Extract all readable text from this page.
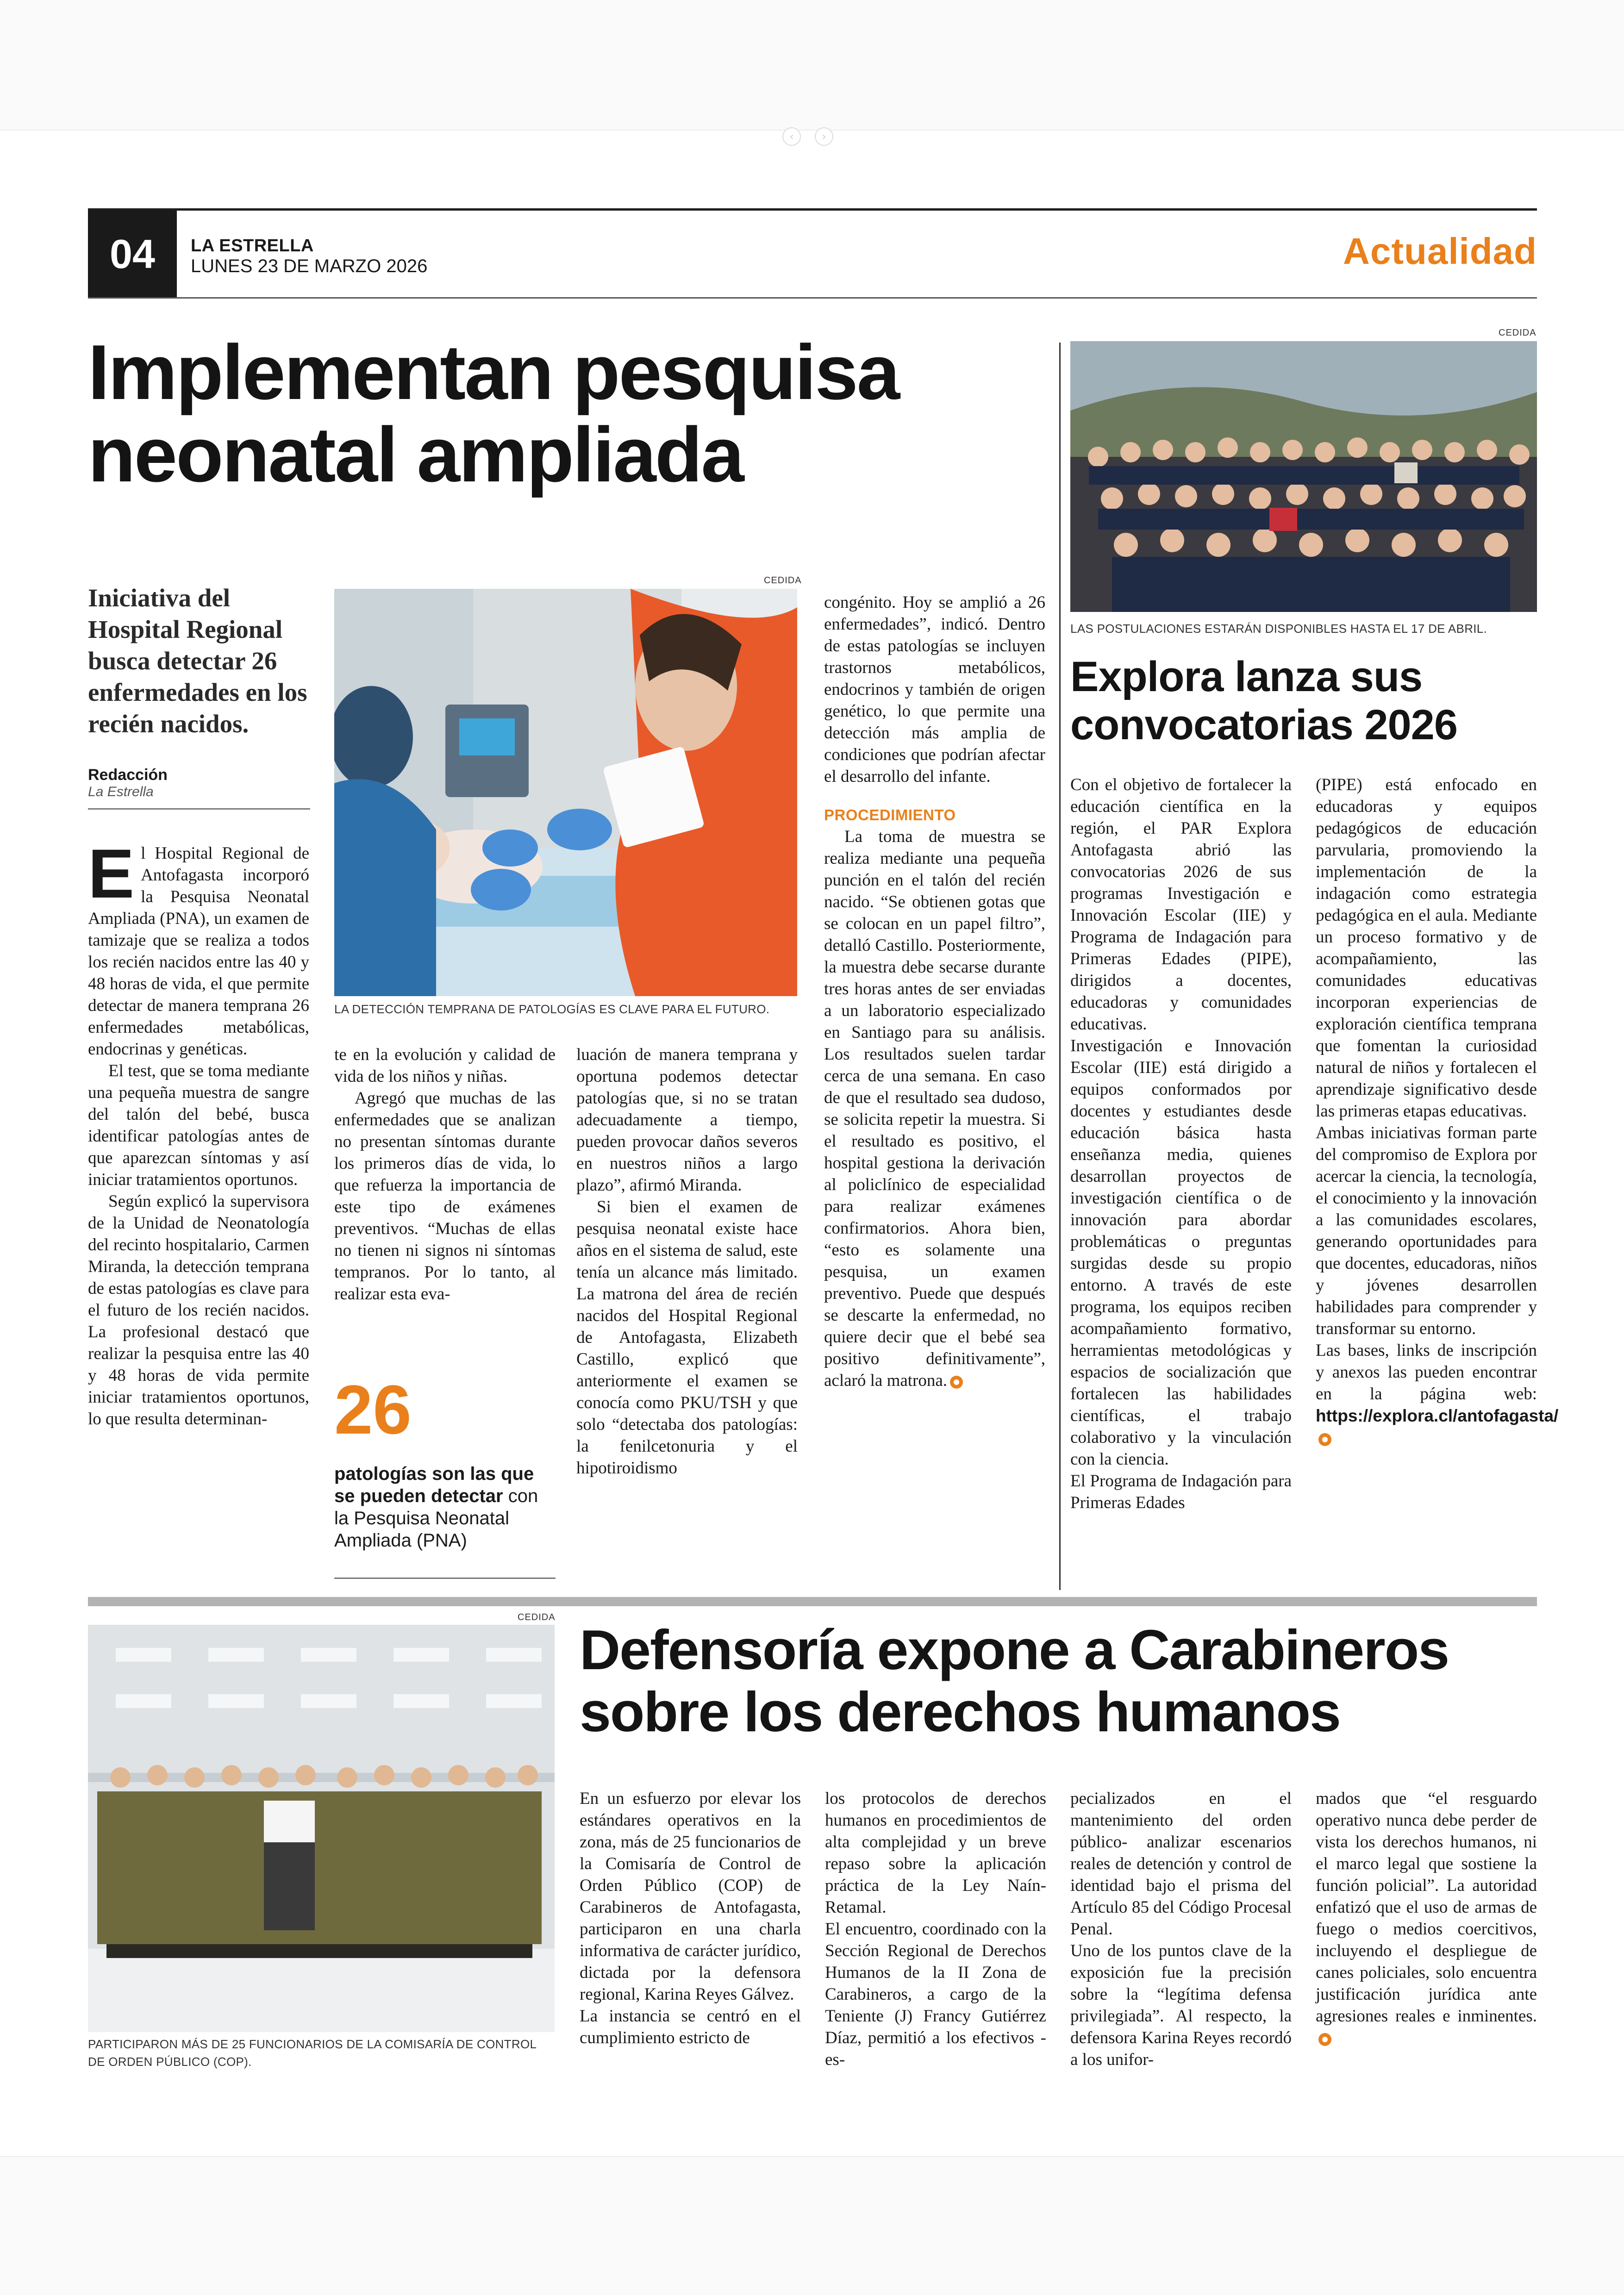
‹	›
04	LA ESTRELLA
LUNES 23 DE MARZO 2026	Actualidad
Implementan pesquisa
neonatal ampliada
Iniciativa del Hospital Regional busca detectar 26 enfermedades en los recién nacidos.
Redacción
La Estrella
CEDIDA
LA DETECCIÓN TEMPRANA DE PATOLOGÍAS ES CLAVE PARA EL FUTURO.

El Hospital Regional de Antofagasta incorporó la Pesquisa Neonatal Ampliada (PNA), un examen de tamizaje que se realiza a todos los recién nacidos entre las 40 y 48 horas de vida, el que permite detectar de manera temprana 26 enfermedades metabólicas, endocrinas y genéticas.

El test, que se toma mediante una pequeña muestra de sangre del talón del bebé, busca identificar patologías antes de que aparezcan síntomas y así iniciar tratamientos oportunos.

Según explicó la supervisora de la Unidad de Neonatología del recinto hospitalario, Carmen Miranda, la detección temprana de estas patologías es clave para el futuro de los recién nacidos. La profesional destacó que realizar la pesquisa entre las 40 y 48 horas de vida permite iniciar tratamientos oportunos, lo que resulta determinan-

te en la evolución y calidad de vida de los niños y niñas.

Agregó que muchas de las enfermedades que se analizan no presentan síntomas durante los primeros días de vida, lo que refuerza la importancia de este tipo de exámenes preventivos. “Muchas de ellas no tienen ni signos ni síntomas tempranos. Por lo tanto, al realizar esta eva-

26
patologías son las que se pueden detectar con la Pesquisa Neonatal Ampliada (PNA)

luación de manera temprana y oportuna podemos detectar patologías que, si no se tratan adecuadamente a tiempo, pueden provocar daños severos en nuestros niños a largo plazo”, afirmó Miranda.

Si bien el examen de pesquisa neonatal existe hace años en el sistema de salud, este tenía un alcance más limitado. La matrona del área de recién nacidos del Hospital Regional de Antofagasta, Elizabeth Castillo, explicó que anteriormente el examen se conocía como PKU/TSH y que solo “detectaba dos patologías: la fenilcetonuria y el hipotiroidismo

congénito. Hoy se amplió a 26 enfermedades”, indicó. Dentro de estas patologías se incluyen trastornos metabólicos, endocrinos y también de origen genético, lo que permite una detección más amplia de condiciones que podrían afectar el desarrollo del infante.

PROCEDIMIENTO

La toma de muestra se realiza mediante una pequeña punción en el talón del recién nacido. “Se obtienen gotas que se colocan en un papel filtro”, detalló Castillo. Posteriormente, la muestra debe secarse durante tres horas antes de ser enviadas a un laboratorio especializado en Santiago para su análisis. Los resultados suelen tardar cerca de una semana. En caso de que el resultado sea dudoso, se solicita repetir la muestra. Si el resultado es positivo, el hospital gestiona la derivación al policlínico de especialidad para realizar exámenes confirmatorios. Ahora bien, “esto es solamente una pesquisa, un examen preventivo. Puede que después se descarte la enfermedad, no quiere decir que el bebé sea positivo definitivamente”, aclaró la matrona.

CEDIDA
LAS POSTULACIONES ESTARÁN DISPONIBLES HASTA EL 17 DE ABRIL.
Explora lanza sus
convocatorias 2026

Con el objetivo de fortalecer la educación científica en la región, el PAR Explora Antofagasta abrió las convocatorias 2026 de sus programas Investigación e Innovación Escolar (IIE) y Programa de Indagación para Primeras Edades (PIPE), dirigidos a docentes, educadoras y comunidades educativas.

Investigación e Innovación Escolar (IIE) está dirigido a equipos conformados por docentes y estudiantes desde educación básica hasta enseñanza media, quienes desarrollan proyectos de investigación científica o de innovación para abordar problemáticas o preguntas surgidas desde su propio entorno. A través de este programa, los equipos reciben acompañamiento formativo, herramientas metodológicas y espacios de socialización que fortalecen las habilidades científicas, el trabajo colaborativo y la vinculación con la ciencia.

El Programa de Indagación para Primeras Edades

(PIPE) está enfocado en educadoras y equipos pedagógicos de educación parvularia, promoviendo la implementación de la indagación como estrategia pedagógica en el aula. Mediante un proceso formativo y de acompañamiento, las comunidades educativas incorporan experiencias de exploración científica temprana que fomentan la curiosidad natural de niños y fortalecen el aprendizaje significativo desde las primeras etapas educativas.

Ambas iniciativas forman parte del compromiso de Explora por acercar la ciencia, la tecnología, el conocimiento y la innovación a las comunidades escolares, generando oportunidades para que docentes, educadoras, niños y jóvenes desarrollen habilidades para comprender y transformar su entorno.

Las bases, links de inscripción y anexos las pueden encontrar en la página web: https://explora.cl/antofagasta/

CEDIDA
PARTICIPARON MÁS DE 25 FUNCIONARIOS DE LA COMISARÍA DE CONTROL DE ORDEN PÚBLICO (COP).
Defensoría expone a Carabineros
sobre los derechos humanos

En un esfuerzo por elevar los estándares operativos en la zona, más de 25 funcionarios de la Comisaría de Control de Orden Público (COP) de Carabineros de Antofagasta, participaron en una charla informativa de carácter jurídico, dictada por la defensora regional, Karina Reyes Gálvez.

La instancia se centró en el cumplimiento estricto de

los protocolos de derechos humanos en procedimientos de alta complejidad y un breve repaso sobre la aplicación práctica de la Ley Naín-Retamal.

El encuentro, coordinado con la Sección Regional de Derechos Humanos de la II Zona de Carabineros, a cargo de la Teniente (J) Francy Gutiérrez Díaz, permitió a los efectivos -es-

pecializados en el mantenimiento del orden público- analizar escenarios reales de detención y control de identidad bajo el prisma del Artículo 85 del Código Procesal Penal.

Uno de los puntos clave de la exposición fue la precisión sobre la “legítima defensa privilegiada”. Al respecto, la defensora Karina Reyes recordó a los unifor-

mados que “el resguardo operativo nunca debe perder de vista los derechos humanos, ni el marco legal que sostiene la función policial”. La autoridad enfatizó que el uso de armas de fuego o medios coercitivos, incluyendo el despliegue de canes policiales, solo encuentra justificación jurídica ante agresiones reales e inminentes.
